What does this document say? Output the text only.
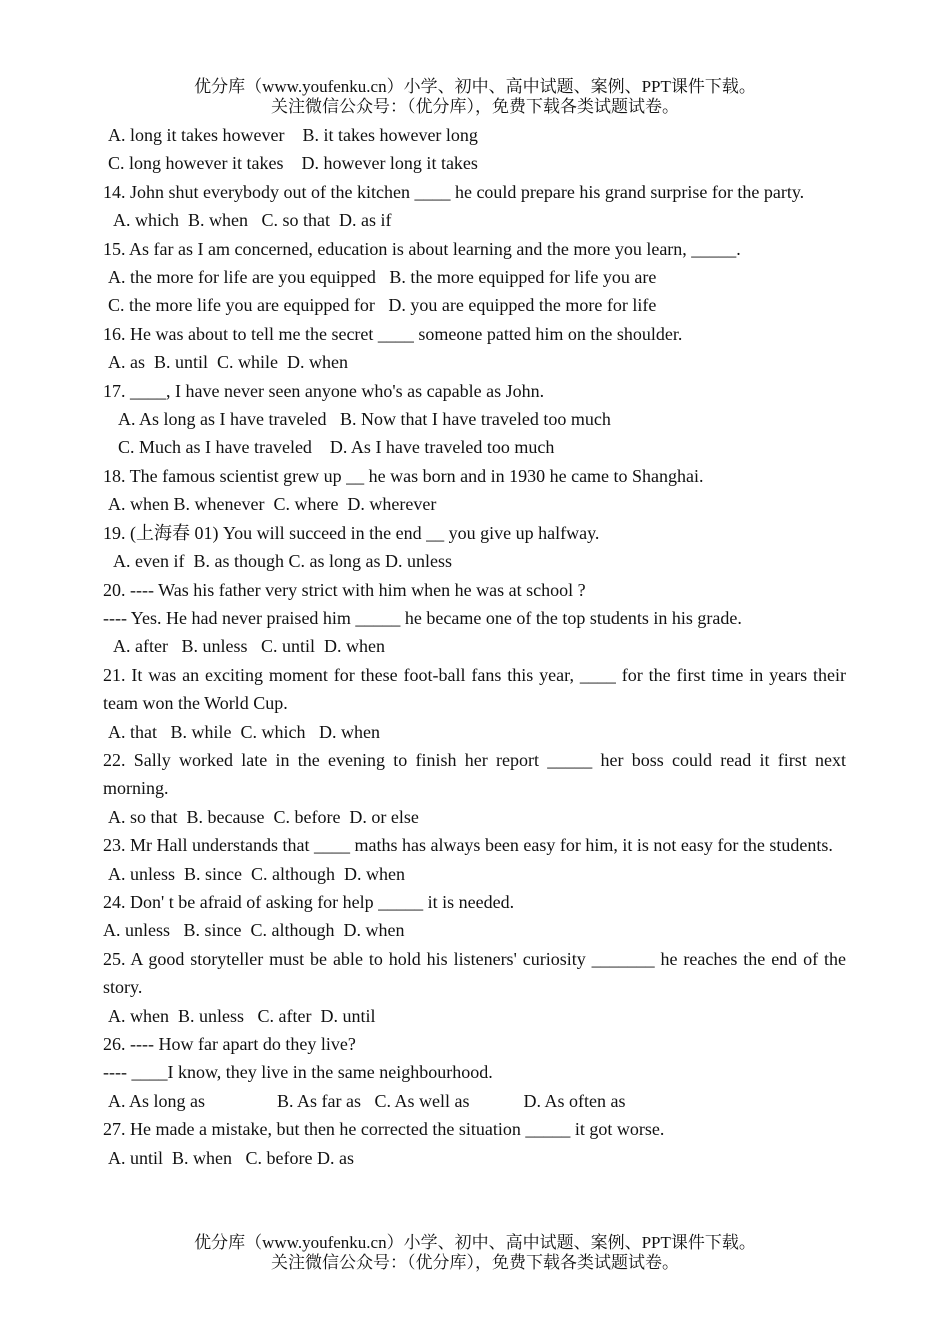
优分库（www.youfenku.cn）小学、初中、高中试题、案例、PPT课件下载。
关注微信公众号：（优分库），免费下载各类试题试卷。
A. long it takes however    B. it takes however long
C. long however it takes    D. however long it takes
14. John shut everybody out of the kitchen ____ he could prepare his grand surprise for the party.
A. which  B. when   C. so that  D. as if
15. As far as I am concerned, education is about learning and the more you learn, _____.
A. the more for life are you equipped   B. the more equipped for life you are
C. the more life you are equipped for   D. you are equipped the more for life
16. He was about to tell me the secret ____ someone patted him on the shoulder.
A. as  B. until  C. while  D. when
17. ____, I have never seen anyone who's as capable as John.
A. As long as I have traveled   B. Now that I have traveled too much
C. Much as I have traveled    D. As I have traveled too much
18. The famous scientist grew up __ he was born and in 1930 he came to Shanghai.
A. when B. whenever  C. where  D. wherever
19. (上海春 01) You will succeed in the end __ you give up halfway.
A. even if  B. as though C. as long as D. unless
20. ---- Was his father very strict with him when he was at school ?
---- Yes. He had never praised him _____ he became one of the top students in his grade.
A. after   B. unless   C. until  D. when
21. It was an exciting moment for these foot-ball fans this year, ____ for the first time in years their team won the World Cup.
A. that   B. while  C. which   D. when
22. Sally worked late in the evening to finish her report _____ her boss could read it first next morning.
A. so that  B. because  C. before  D. or else
23. Mr Hall understands that ____ maths has always been easy for him, it is not easy for the students.
A. unless  B. since  C. although  D. when
24. Don' t be afraid of asking for help _____ it is needed.
A. unless   B. since  C. although  D. when
25. A good storyteller must be able to hold his listeners' curiosity _______ he reaches the end of the story.
A. when  B. unless   C. after  D. until
26. ---- How far apart do they live?
---- ____I know, they live in the same neighbourhood.
A. As long as                B. As far as   C. As well as            D. As often as
27. He made a mistake, but then he corrected the situation _____ it got worse.
A. until  B. when   C. before D. as
优分库（www.youfenku.cn）小学、初中、高中试题、案例、PPT课件下载。
关注微信公众号：（优分库），免费下载各类试题试卷。
